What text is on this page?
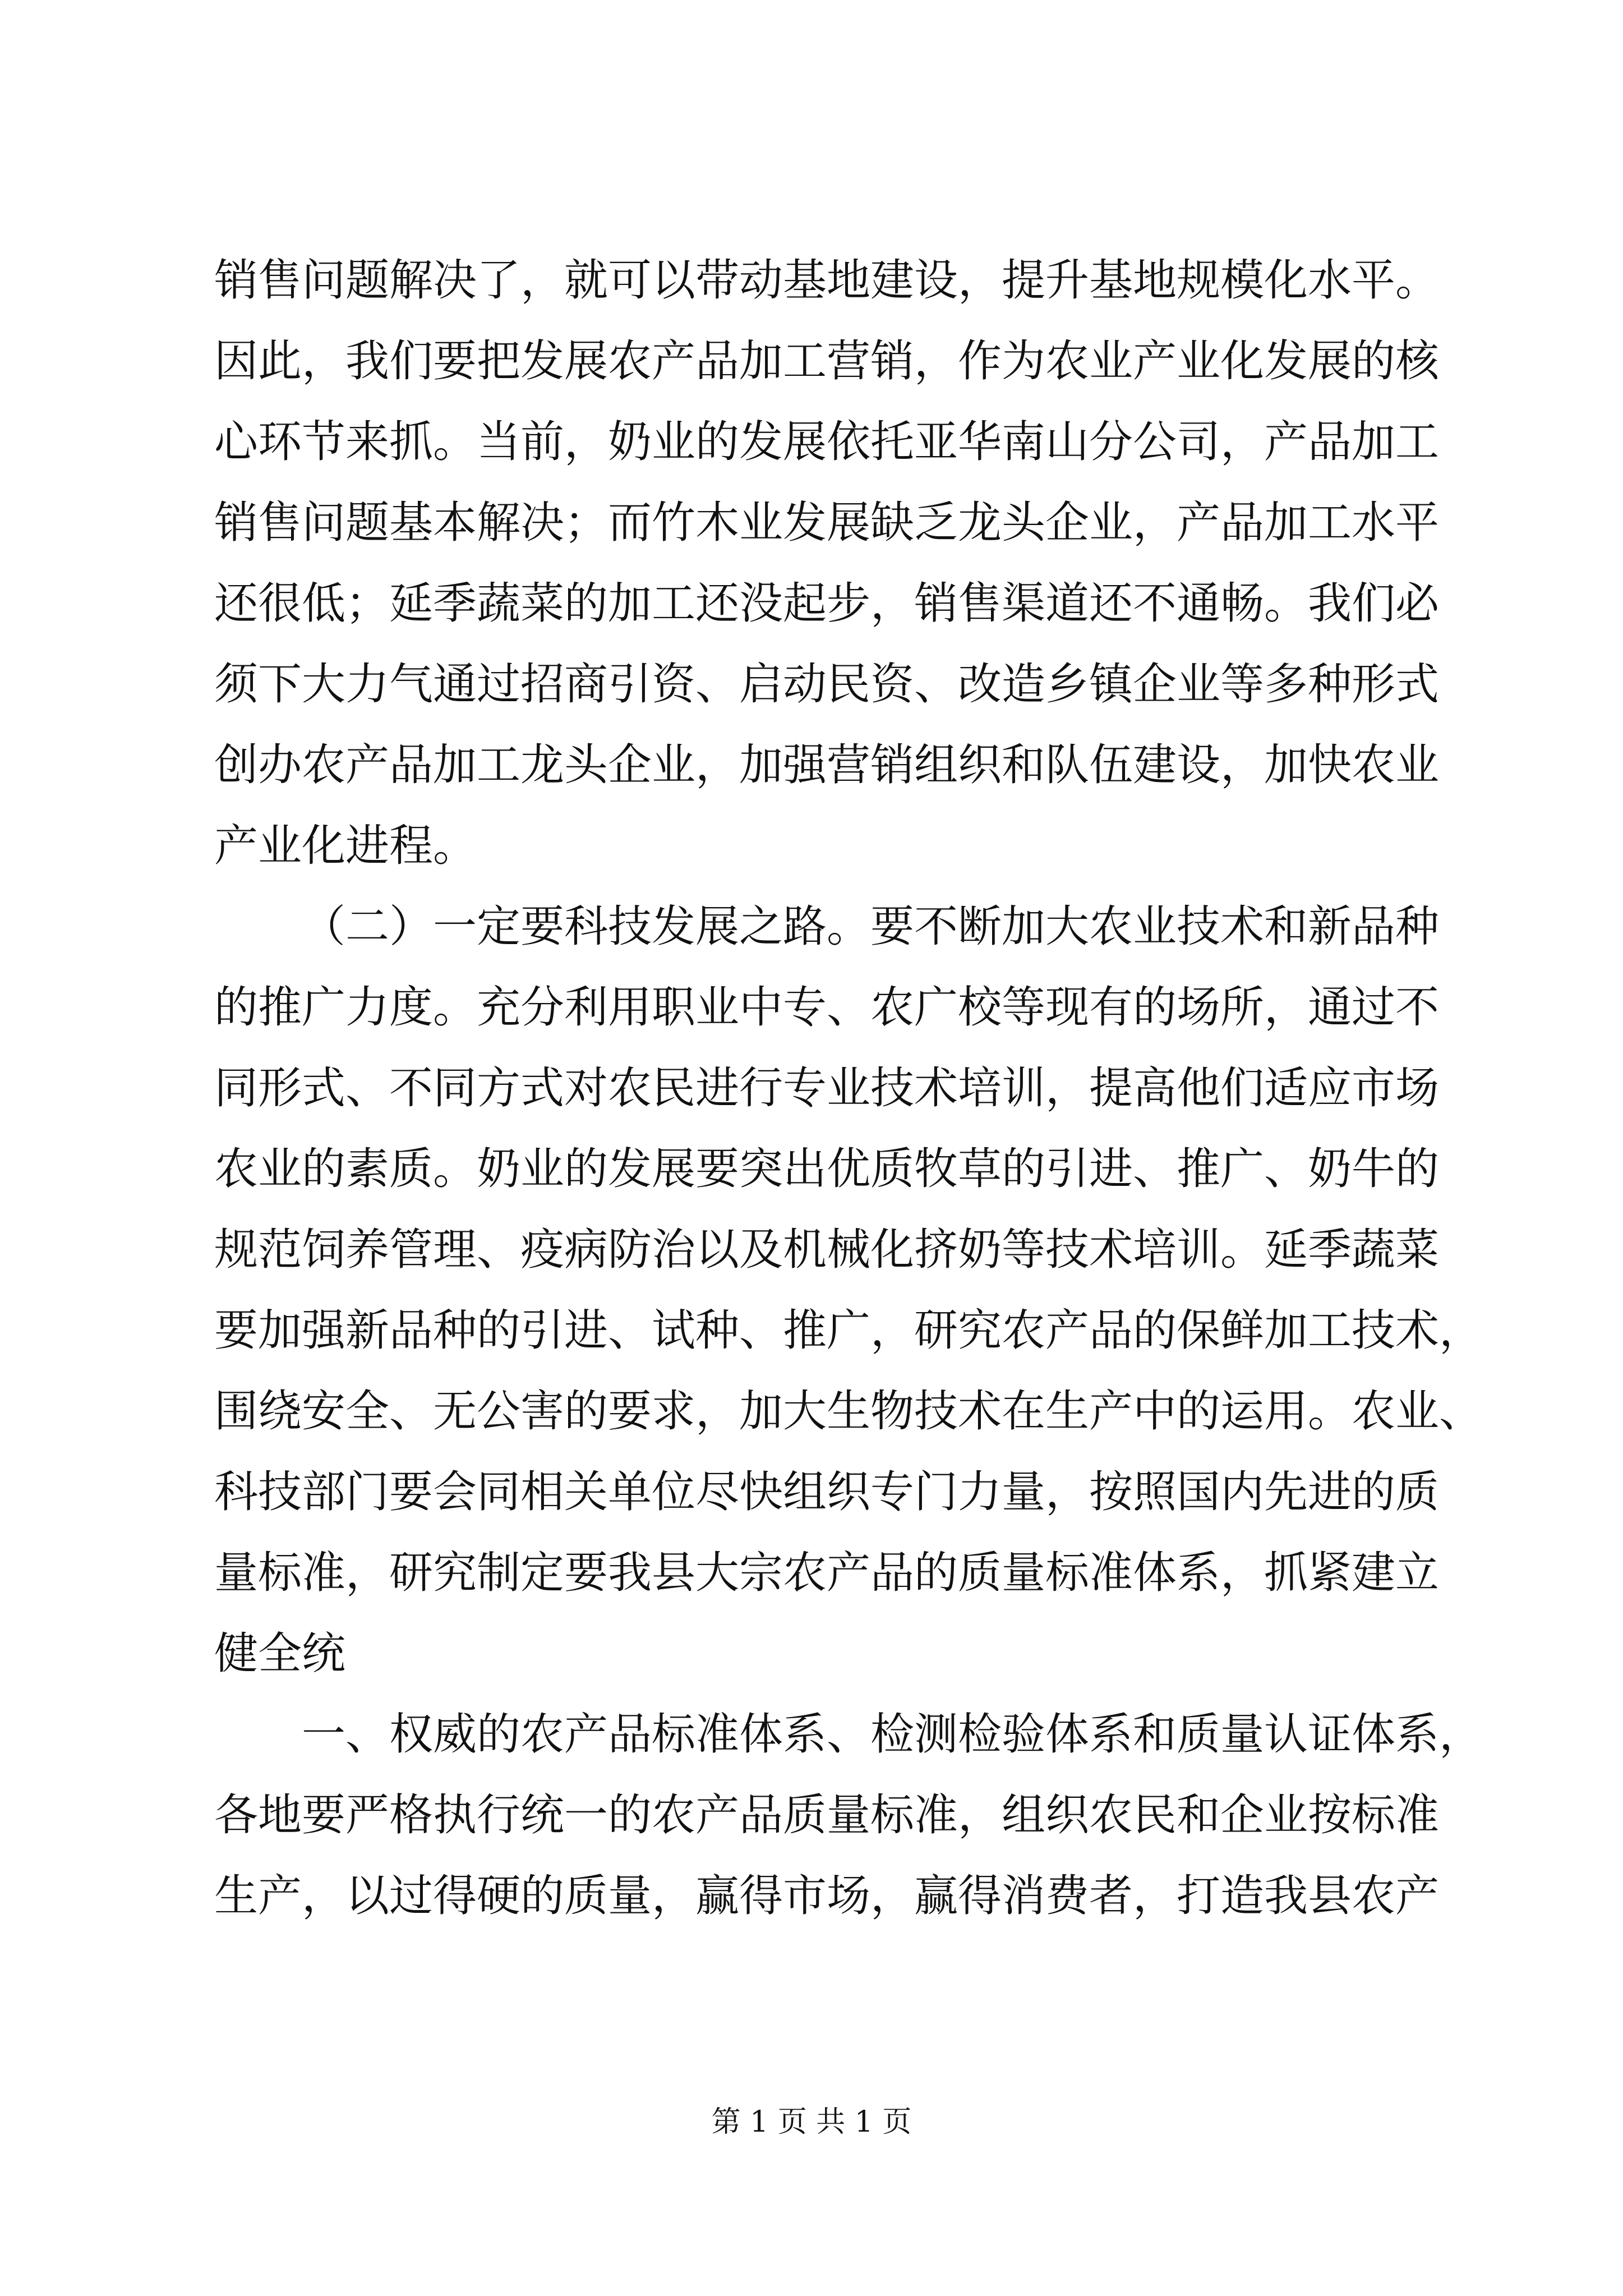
销售问题解决了，就可以带动基地建设，提升基地规模化水平。
因此，我们要把发展农产品加工营销，作为农业产业化发展的核
心环节来抓。当前，奶业的发展依托亚华南山分公司，产品加工
销售问题基本解决；而竹木业发展缺乏龙头企业，产品加工水平
还很低；延季蔬菜的加工还没起步，销售渠道还不通畅。我们必
须下大力气通过招商引资、启动民资、改造乡镇企业等多种形式
创办农产品加工龙头企业，加强营销组织和队伍建设，加快农业
产业化进程。
（二）一定要科技发展之路。要不断加大农业技术和新品种
的推广力度。充分利用职业中专、农广校等现有的场所，通过不
同形式、不同方式对农民进行专业技术培训，提高他们适应市场
农业的素质。奶业的发展要突出优质牧草的引进、推广、奶牛的
规范饲养管理、疫病防治以及机械化挤奶等技术培训。延季蔬菜
要加强新品种的引进、试种、推广，研究农产品的保鲜加工技术，
围绕安全、无公害的要求，加大生物技术在生产中的运用。农业、
科技部门要会同相关单位尽快组织专门力量，按照国内先进的质
量标准，研究制定要我县大宗农产品的质量标准体系，抓紧建立
健全统
一、权威的农产品标准体系、检测检验体系和质量认证体系，
各地要严格执行统一的农产品质量标准，组织农民和企业按标准
生产，以过得硬的质量，赢得市场，赢得消费者，打造我县农产
第 1 页 共 1 页
